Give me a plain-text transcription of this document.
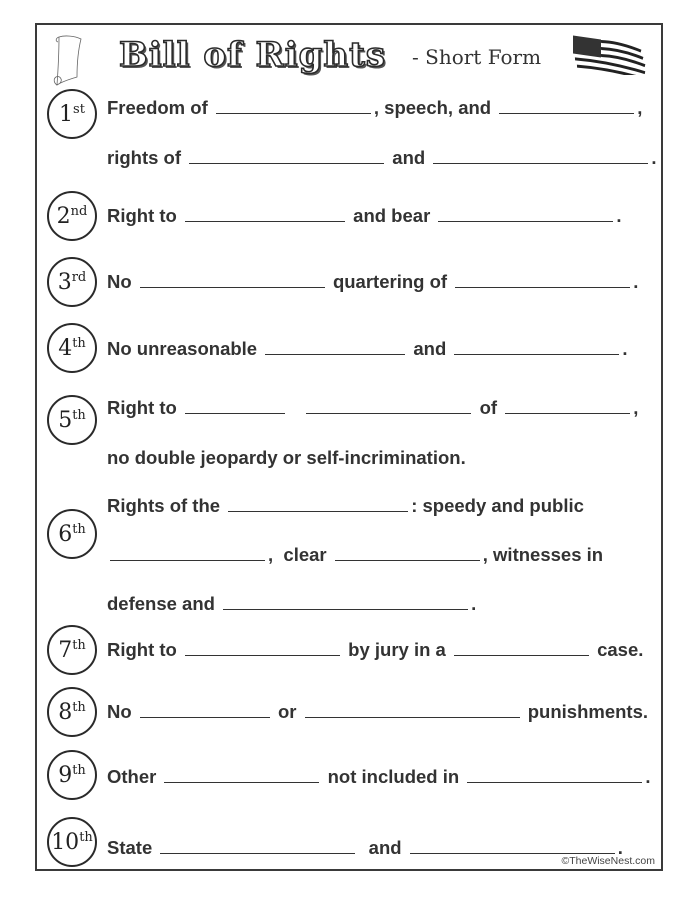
Bill of Rights - Short Form
1st Freedom of	, speech, and	,
rights of	and	.
2nd Right to	and bear	.
3rd No	quartering of	.
4th No unreasonable	and	.
5th Right to	of	,
no double jeopardy or self-incrimination.
6th
Rights of the	: speedy and public
,  clear	, witnesses in
defense and	.
7th Right to	by jury in a	case.
8th No	or	punishments.
9th Other	not included in	.
10th State	and	.
©TheWiseNest.com
